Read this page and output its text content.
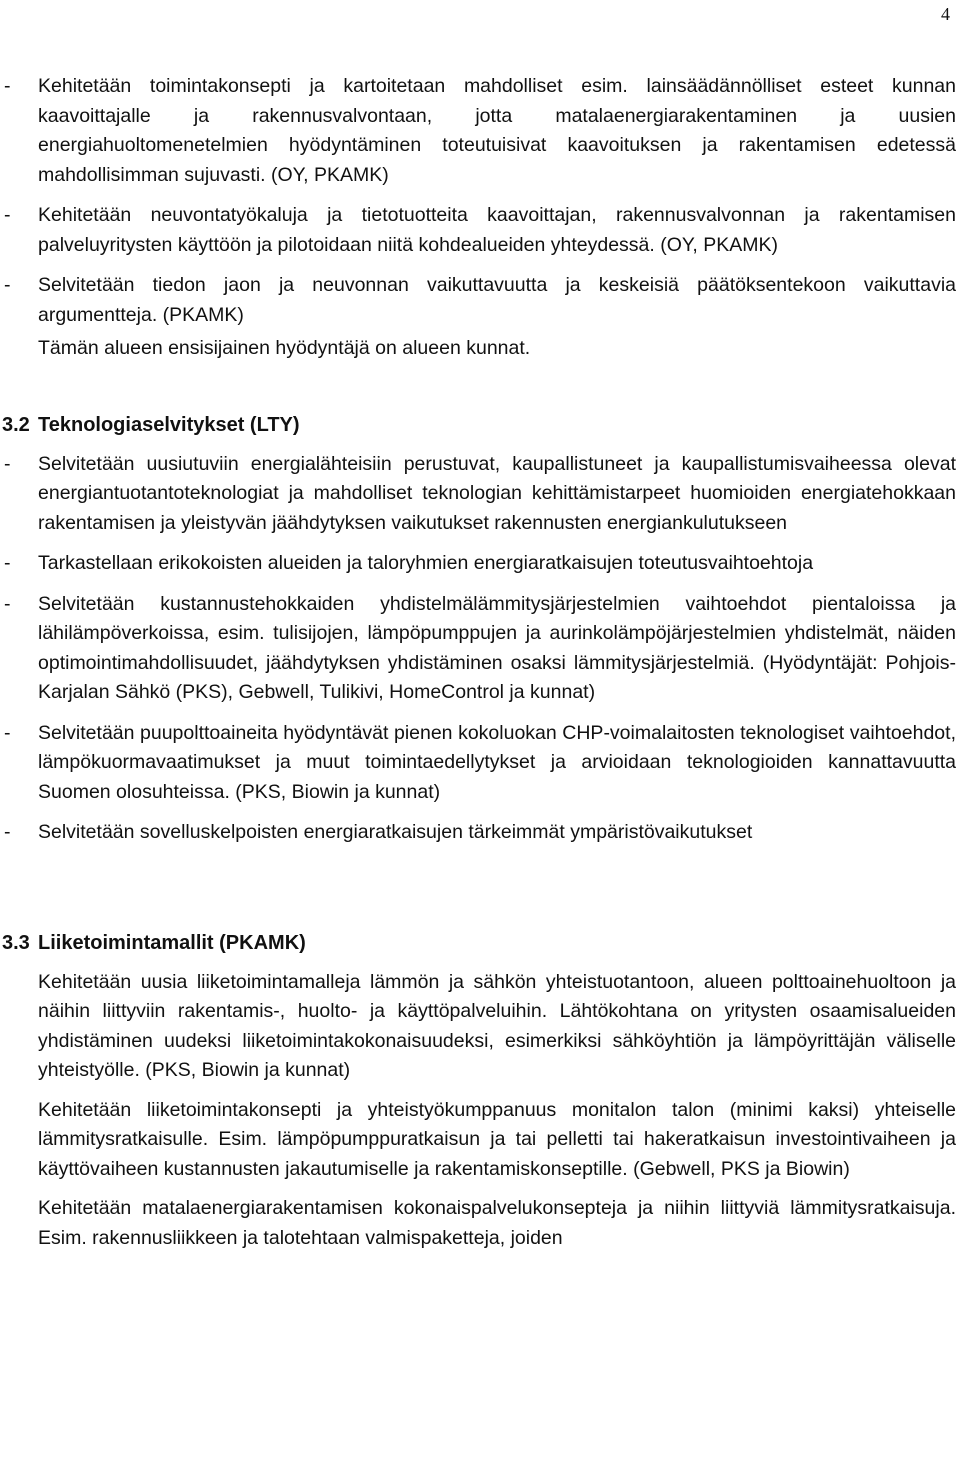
4
- Kehitetään toimintakonsepti ja kartoitetaan mahdolliset esim. lainsäädännölliset esteet kunnan kaavoittajalle ja rakennusvalvontaan, jotta matalaenergiarakentaminen ja uusien energiahuoltomenetelmien hyödyntäminen toteutuisivat kaavoituksen ja rakentamisen edetessä mahdollisimman sujuvasti. (OY, PKAMK)
- Kehitetään neuvontatyökaluja ja tietotuotteita kaavoittajan, rakennusvalvonnan ja rakentamisen palveluyritysten käyttöön ja pilotoidaan niitä kohdealueiden yhteydessä. (OY, PKAMK)
- Selvitetään tiedon jaon ja neuvonnan vaikuttavuutta ja keskeisiä päätöksentekoon vaikuttavia argumentteja. (PKAMK)
Tämän alueen ensisijainen hyödyntäjä on alueen kunnat.
3.2 Teknologiaselvitykset (LTY)
- Selvitetään uusiutuviin energialähteisiin perustuvat, kaupallistuneet ja kaupallistumisvaiheessa olevat energiantuotantoteknologiat ja mahdolliset teknologian kehittämistarpeet huomioiden energiatehokkaan rakentamisen ja yleistyvän jäähdytyksen vaikutukset rakennusten energiankulutukseen
- Tarkastellaan erikokoisten alueiden ja taloryhmien energiaratkaisujen toteutusvaihtoehtoja
- Selvitetään kustannustehokkaiden yhdistelmälämmitysjärjestelmien vaihtoehdot pientaloissa ja lähilämpöverkoissa, esim. tulisijojen, lämpöpumppujen ja aurinkolämpöjärjestelmien yhdistelmät, näiden optimointimahdollisuudet, jäähdytyksen yhdistäminen osaksi lämmitysjärjestelmiä. (Hyödyntäjät: Pohjois-Karjalan Sähkö (PKS), Gebwell, Tulikivi, HomeControl ja kunnat)
- Selvitetään puupolttoaineita hyödyntävät pienen kokoluokan CHP-voimalaitosten teknologiset vaihtoehdot, lämpökuormavaatimukset ja muut toimintaedellytykset ja arvioidaan teknologioiden kannattavuutta Suomen olosuhteissa. (PKS, Biowin ja kunnat)
- Selvitetään sovelluskelpoisten energiaratkaisujen tärkeimmät ympäristövaikutukset
3.3 Liiketoimintamallit (PKAMK)
Kehitetään uusia liiketoimintamalleja lämmön ja sähkön yhteistuotantoon, alueen polttoainehuoltoon ja näihin liittyviin rakentamis-, huolto- ja käyttöpalveluihin. Lähtökohtana on yritysten osaamisalueiden yhdistäminen uudeksi liiketoimintakokonaisuudeksi, esimerkiksi sähköyhtiön ja lämpöyrittäjän väliselle yhteistyölle. (PKS, Biowin ja kunnat)
Kehitetään liiketoimintakonsepti ja yhteistyökumppanuus monitalon talon (minimi kaksi) yhteiselle lämmitysratkaisulle. Esim. lämpöpumppuratkaisun ja tai pelletti tai hakeratkaisun investointivaiheen ja käyttövaiheen kustannusten jakautumiselle ja rakentamiskonseptille. (Gebwell, PKS ja Biowin)
Kehitetään matalaenergiarakentamisen kokonaispalvelukonsepteja ja niihin liittyviä lämmitysratkaisuja. Esim. rakennusliikkeen ja talotehtaan valmispaketteja, joiden
